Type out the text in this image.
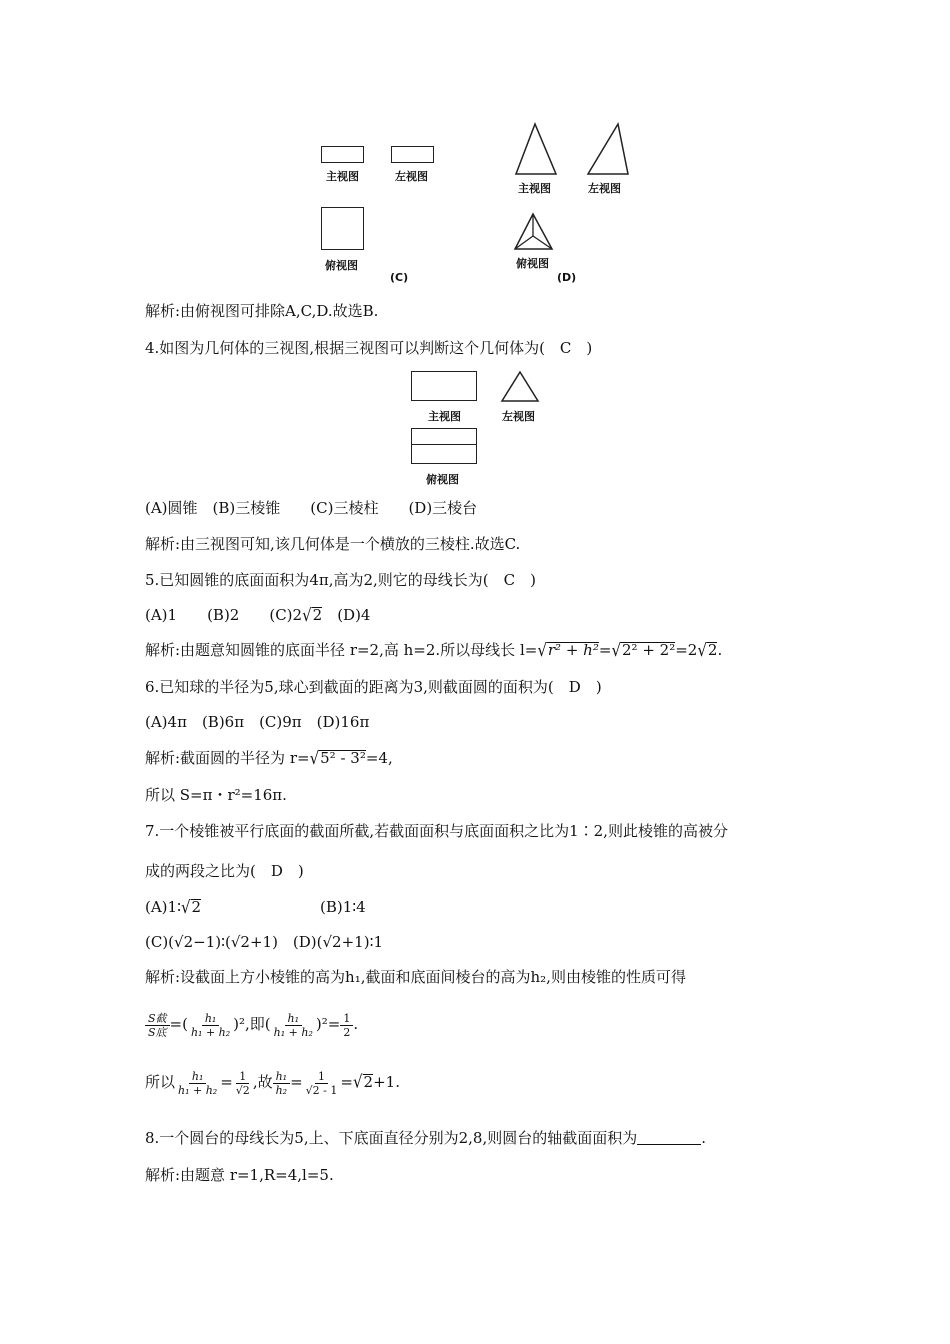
主视图	左视图
俯视图
(C)
主视图	左视图
俯视图
(D)
解析:由俯视图可排除A,C,D.故选B.
4.如图为几何体的三视图,根据三视图可以判断这个几何体为(　C　)
主视图	左视图
俯视图
(A)圆锥　(B)三棱锥　　(C)三棱柱　　(D)三棱台
解析:由三视图可知,该几何体是一个横放的三棱柱.故选C.
5.已知圆锥的底面面积为4π,高为2,则它的母线长为(　C　)
(A)1　　(B)2　　(C)2√2　(D)4
解析:由题意知圆锥的底面半径 r=2,高 h=2.所以母线长 l=√r² + h²=√2² + 2²=2√2.
6.已知球的半径为5,球心到截面的距离为3,则截面圆的面积为(　D　)
(A)4π　(B)6π　(C)9π　(D)16π
解析:截面圆的半径为 r=√5² - 3²=4,
所以 S=π・r²=16π.
7.一个棱锥被平行底面的截面所截,若截面面积与底面面积之比为1∶2,则此棱锥的高被分
成的两段之比为(　D　)
(A)1∶√2	(B)1∶4
(C)(√2−1)∶(√2+1)　(D)(√2+1)∶1
解析:设截面上方小棱锥的高为h₁,截面和底面间棱台的高为h₂,则由棱锥的性质可得
$\frac{\text{S截}}{\text{S底}}$ =( $\frac{\text{h₁}}{\text{h₁ + h₂}} )^2$,即( $\frac{\text{h₁}}{\text{h₁ + h₂}} )^2= \frac{1}{2}$ .
所以 $\frac{\text{h₁}}{\text{h₁ + h₂}} = \frac{1}{√2}$ ,故 $\frac{\text{h₁}}{\text{h₂}} = \frac{1}{√2 - 1} =√2+1$.
8.一个圆台的母线长为5,上、下底面直径分别为2,8,则圆台的轴截面面积为	.
解析:由题意 r=1,R=4,l=5.
